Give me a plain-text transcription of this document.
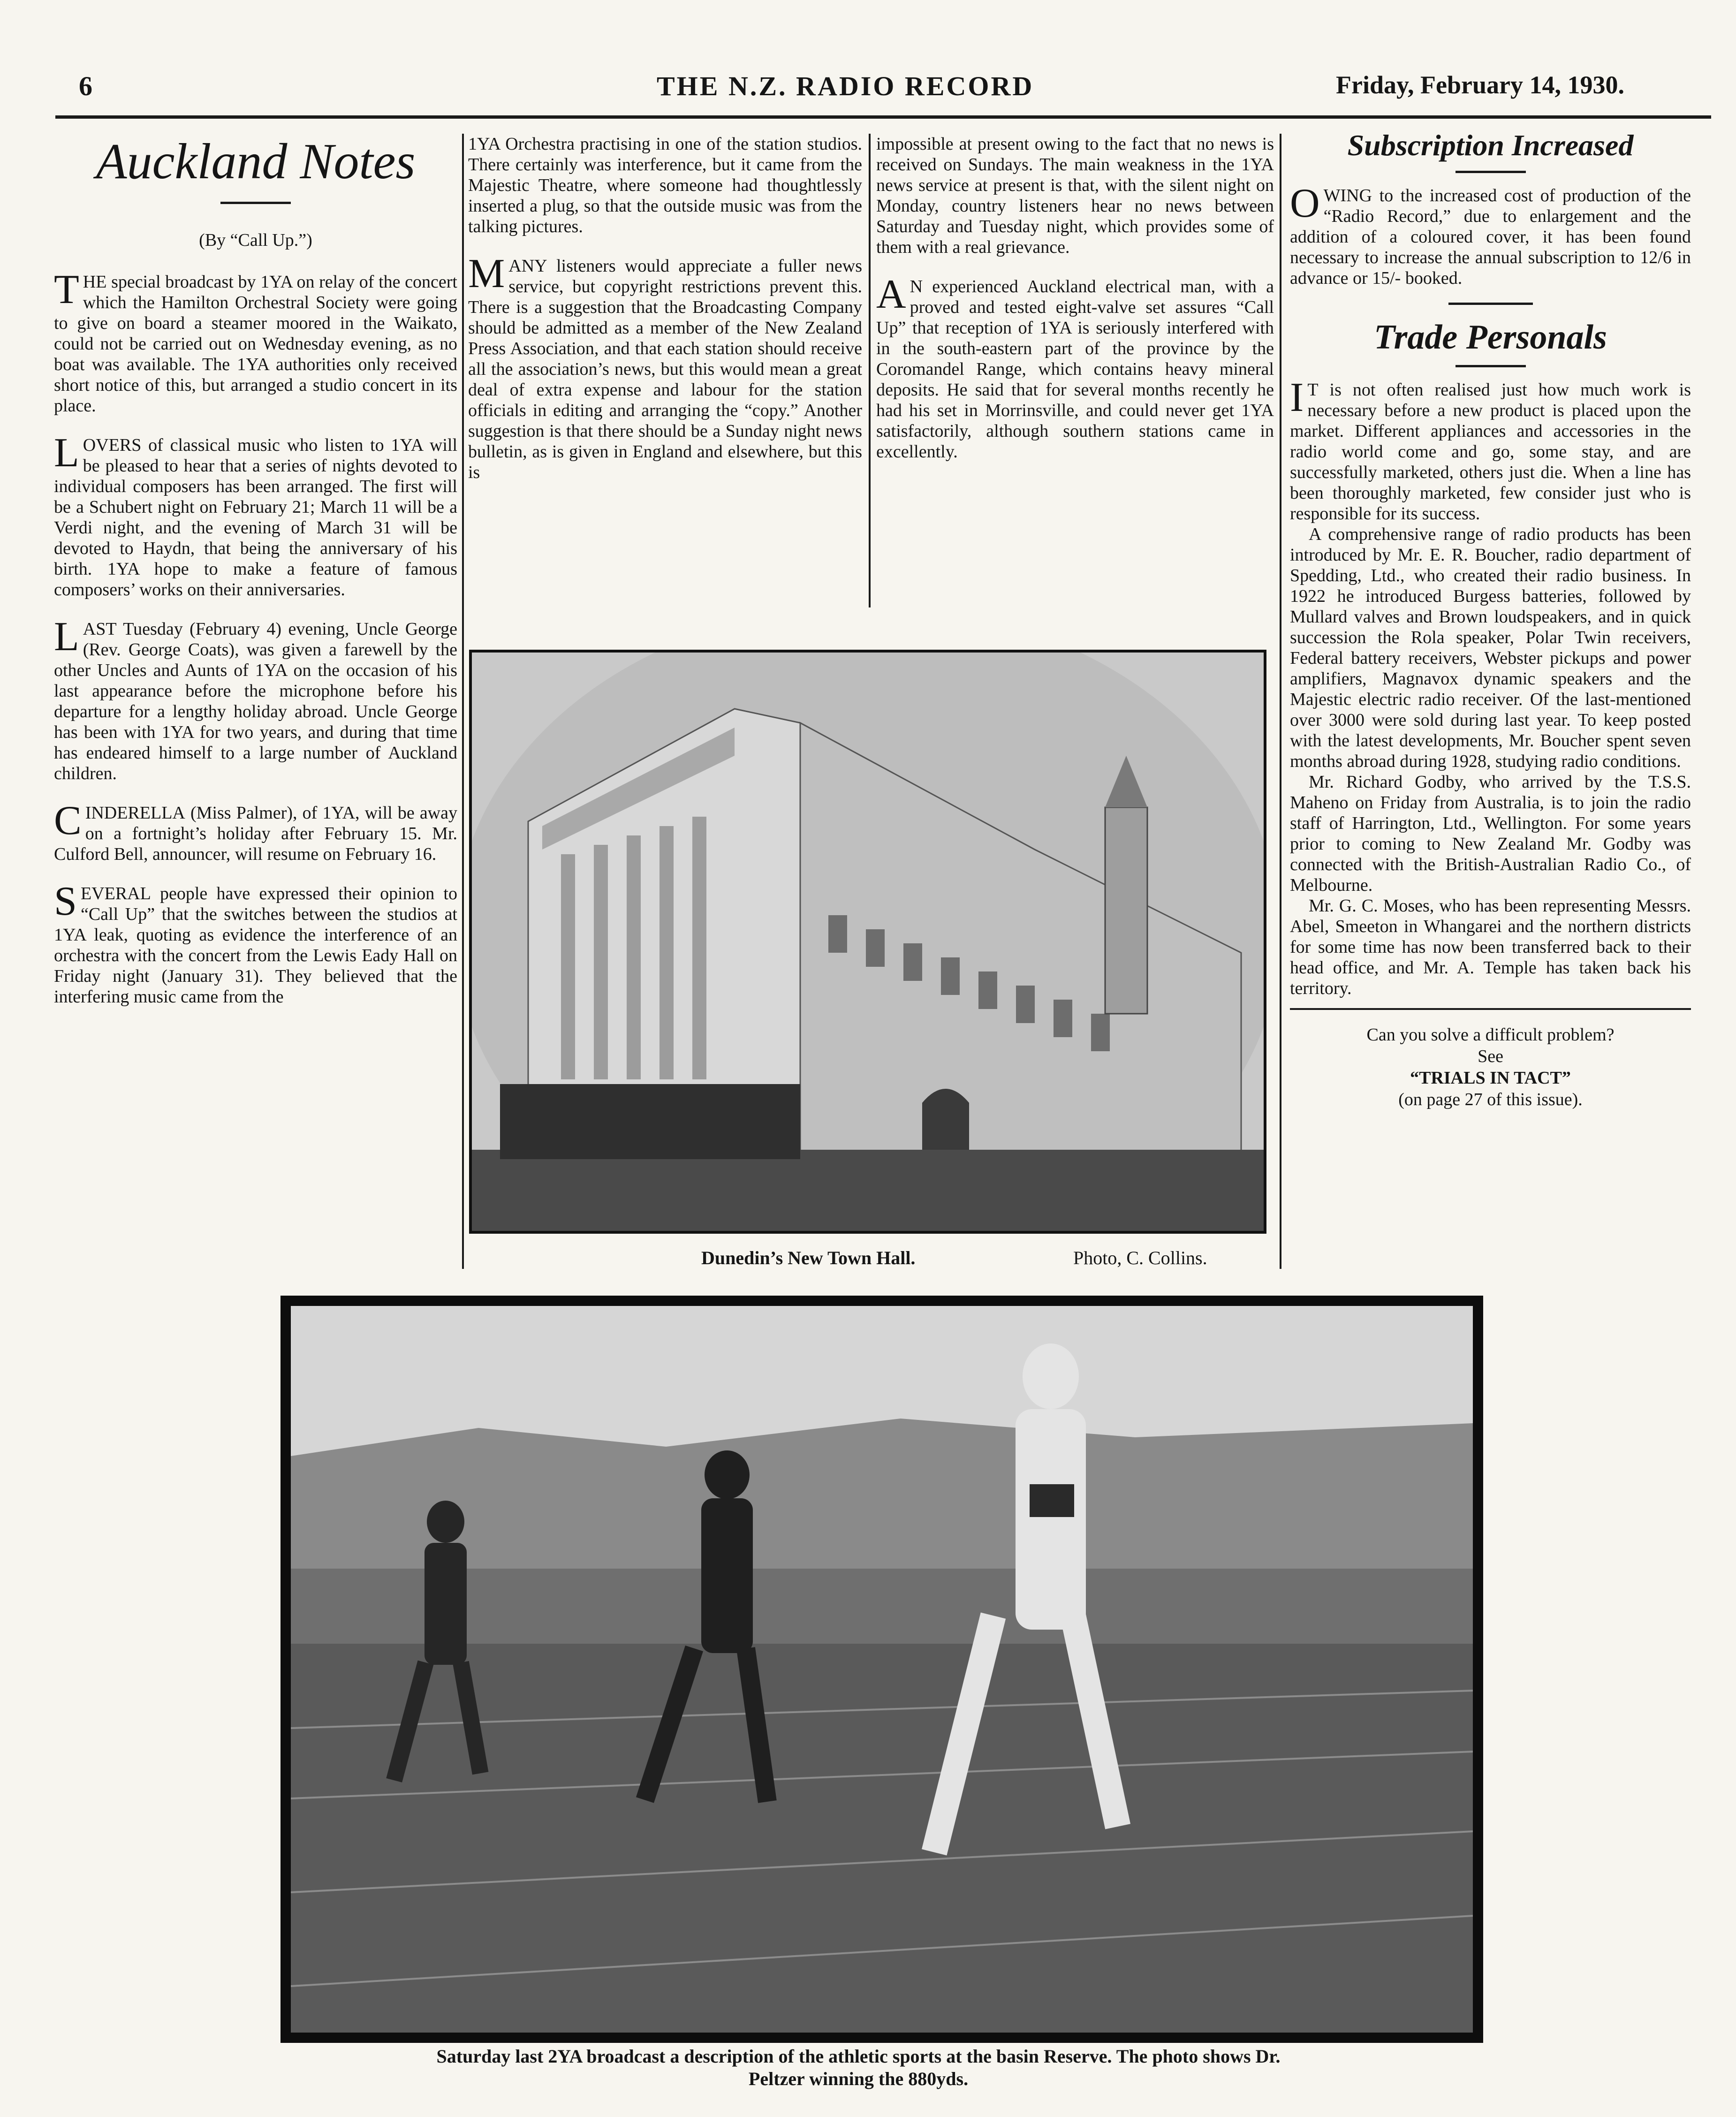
6	THE N.Z. RADIO RECORD	Friday, February 14, 1930.
Auckland Notes
(By “Call Up.”)

THE special broadcast by 1YA on relay of the concert which the Hamilton Orchestral Society were going to give on board a steamer moored in the Waikato, could not be carried out on Wednesday evening, as no boat was available. The 1YA authorities only received short notice of this, but arranged a studio concert in its place.

LOVERS of classical music who listen to 1YA will be pleased to hear that a series of nights devoted to individual composers has been arranged. The first will be a Schubert night on February 21; March 11 will be a Verdi night, and the evening of March 31 will be devoted to Haydn, that being the anniversary of his birth. 1YA hope to make a feature of famous composers’ works on their anniversaries.

LAST Tuesday (February 4) evening, Uncle George (Rev. George Coats), was given a farewell by the other Uncles and Aunts of 1YA on the occasion of his last appearance before the microphone before his departure for a lengthy holiday abroad. Uncle George has been with 1YA for two years, and during that time has endeared himself to a large number of Auckland children.

CINDERELLA (Miss Palmer), of 1YA, will be away on a fortnight’s holiday after February 15. Mr. Culford Bell, announcer, will resume on February 16.

SEVERAL people have expressed their opinion to “Call Up” that the switches between the studios at 1YA leak, quoting as evidence the interference of an orchestra with the concert from the Lewis Eady Hall on Friday night (January 31). They believed that the interfering music came from the

1YA Orchestra practising in one of the station studios. There certainly was interference, but it came from the Majestic Theatre, where someone had thoughtlessly inserted a plug, so that the outside music was from the talking pictures.

MANY listeners would appreciate a fuller news service, but copyright restrictions prevent this. There is a suggestion that the Broadcasting Company should be admitted as a member of the New Zealand Press Association, and that each station should receive all the association’s news, but this would mean a great deal of extra expense and labour for the station officials in editing and arranging the “copy.” Another suggestion is that there should be a Sunday night news bulletin, as is given in England and elsewhere, but this is

impossible at present owing to the fact that no news is received on Sundays. The main weakness in the 1YA news service at present is that, with the silent night on Monday, country listeners hear no news between Saturday and Tuesday night, which provides some of them with a real grievance.

A N experienced Auckland electrical man, with a proved and tested eight-valve set assures “Call Up” that reception of 1YA is seriously interfered with in the south-eastern part of the province by the Coromandel Range, which contains heavy mineral deposits. He said that for several months recently he had his set in Morrinsville, and could never get 1YA satisfactorily, although southern stations came in excellently.

Subscription Increased

OWING to the increased cost of production of the “Radio Record,” due to enlargement and the addition of a coloured cover, it has been found necessary to increase the annual subscription to 12/6 in advance or 15/- booked.

Trade Personals

I T is not often realised just how much work is necessary before a new product is placed upon the market. Different appliances and accessories in the radio world come and go, some stay, and are successfully marketed, others just die. When a line has been thoroughly marketed, few consider just who is responsible for its success.

A comprehensive range of radio products has been introduced by Mr. E. R. Boucher, radio department of Spedding, Ltd., who created their radio business. In 1922 he introduced Burgess batteries, followed by Mullard valves and Brown loudspeakers, and in quick succession the Rola speaker, Polar Twin receivers, Federal battery receivers, Webster pickups and power amplifiers, Magnavox dynamic speakers and the Majestic electric radio receiver. Of the last-mentioned over 3000 were sold during last year. To keep posted with the latest developments, Mr. Boucher spent seven months abroad during 1928, studying radio conditions.

Mr. Richard Godby, who arrived by the T.S.S. Maheno on Friday from Australia, is to join the radio staff of Harrington, Ltd., Wellington. For some years prior to coming to New Zealand Mr. Godby was connected with the British-Australian Radio Co., of Melbourne.

Mr. G. C. Moses, who has been representing Messrs. Abel, Smeeton in Whangarei and the northern districts for some time has now been transferred back to their head office, and Mr. A. Temple has taken back his territory.

Can you solve a difficult problem?
See
“TRIALS IN TACT”
(on page 27 of this issue).
Dunedin’s New Town Hall.	Photo, C. Collins.
Saturday last 2YA broadcast a description of the athletic sports at the basin Reserve. The photo shows Dr.
Peltzer winning the 880yds.
